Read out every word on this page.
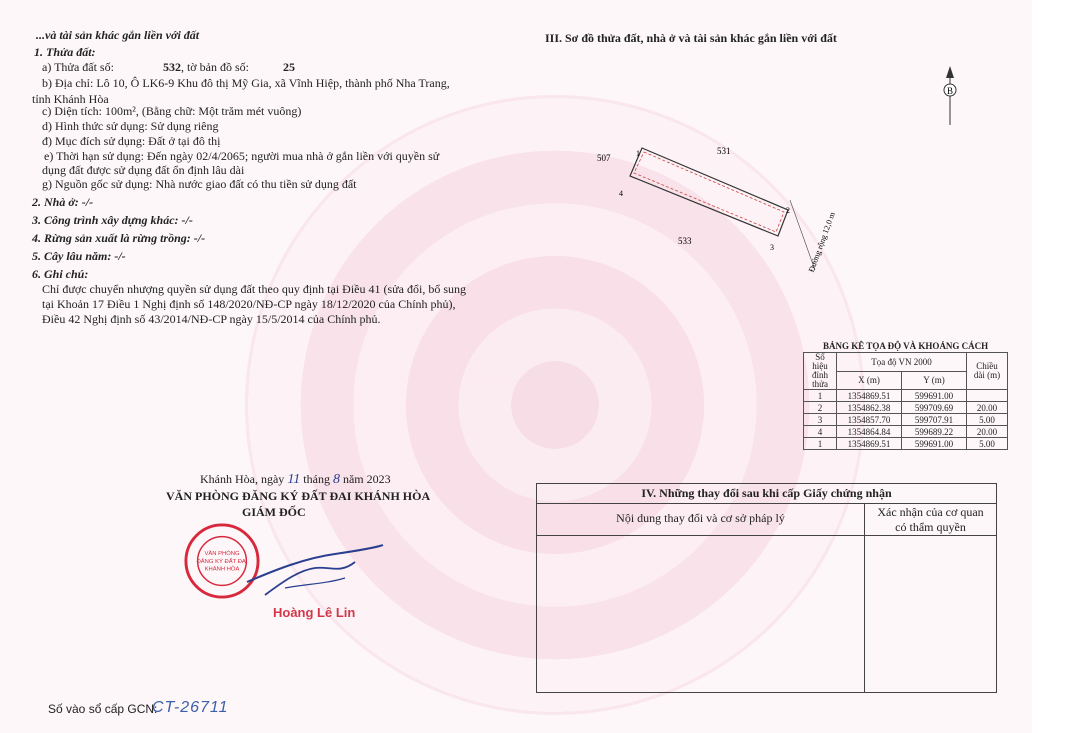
...và tài sản khác gắn liền với đất
1. Thửa đất:
a) Thửa đất số:	532, tờ bản đồ số:	25
b) Địa chỉ: Lô 10, Ô LK6-9 Khu đô thị Mỹ Gia, xã Vĩnh Hiệp, thành phố Nha Trang,
tỉnh Khánh Hòa
c) Diện tích: 100m², (Bằng chữ: Một trăm mét vuông)
d) Hình thức sử dụng: Sử dụng riêng
đ) Mục đích sử dụng: Đất ở tại đô thị
e) Thời hạn sử dụng: Đến ngày 02/4/2065; người mua nhà ở gắn liền với quyền sử
dụng đất được sử dụng đất ổn định lâu dài
g) Nguồn gốc sử dụng: Nhà nước giao đất có thu tiền sử dụng đất
2. Nhà ở: -/-
3. Công trình xây dựng khác: -/-
4. Rừng sản xuất là rừng trồng: -/-
5. Cây lâu năm: -/-
6. Ghi chú:
Chỉ được chuyển nhượng quyền sử dụng đất theo quy định tại Điều 41 (sửa đổi, bổ sung
tại Khoản 17 Điều 1 Nghị định số 148/2020/NĐ-CP ngày 18/12/2020 của Chính phủ),
Điều 42 Nghị định số 43/2014/NĐ-CP ngày 15/5/2014 của Chính phủ.
Khánh Hòa, ngày 11 tháng 8 năm 2023
VĂN PHÒNG ĐĂNG KÝ ĐẤT ĐAI KHÁNH HÒA
GIÁM ĐỐC
VĂN PHÒNG
ĐĂNG KÝ ĐẤT ĐAI
KHÁNH HÒA
Hoàng Lê Lin
III. Sơ đồ thửa đất, nhà ở và tài sản khác gắn liền với đất
B
507
531
533
1
2
3
4
Đường rộng 12,0 m
BẢNG KÊ TỌA ĐỘ VÀ KHOẢNG CÁCH
Số hiệu đỉnh thửa	Tọa độ VN 2000		Chiều dài (m)
	X (m)	Y (m)	
1	1354869.51	599691.00	
2	1354862.38	599709.69	20.00
3	1354857.70	599707.91	5.00
4	1354864.84	599689.22	20.00
1	1354869.51	599691.00	5.00
IV. Những thay đổi sau khi cấp Giấy chứng nhận
Nội dung thay đổi và cơ sở pháp lý	Xác nhận của cơ quan
có thẩm quyền
Số vào sổ cấp GCN:
CT-26711
